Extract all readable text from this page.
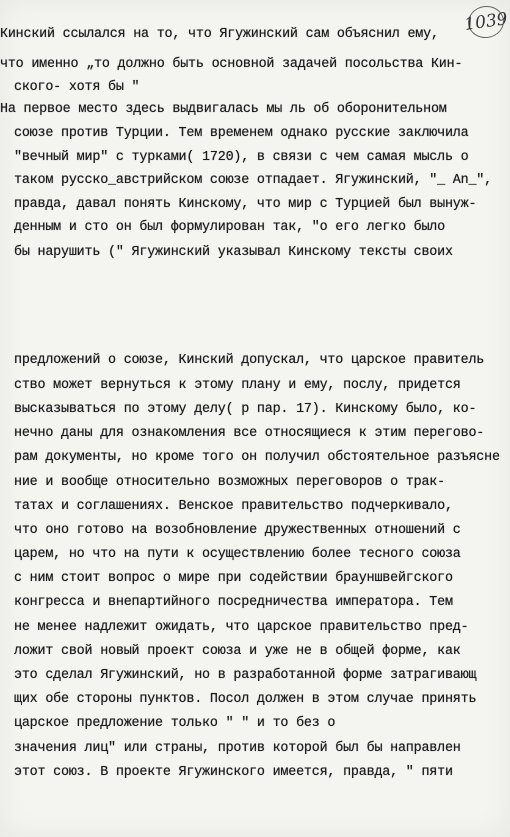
1039
Кинский ссылался на то, что Ягужинский сам объяснил ему,
что именно „то должно быть основной задачей посольства Кин-
ского- хотя бы "
На первое место здесь выдвигалась мы ль об оборонительном
союзе против Турции. Тем временем однако русские заключила
"вечный мир" с турками( 1720), в связи с чем самая мысль о
таком русско_австрийском союзе отпадает. Ягужинский, "_ Аn_",
правда, давал понять Кинскому, что мир с Турцией был вынуж-
денным и сто он был формулирован так, "о его легко было
бы нарушить (" Ягужинский указывал Кинскому тексты своих
предложений о союзе, Кинский допускал, что царское правитель
ство может вернуться к этому плану и ему, послу, придется
высказываться по этому делу( р пар. 17). Кинскому было, ко-
нечно даны для ознакомления все относящиеся к этим перегово-
рам документы, но кроме того он получил обстоятельное разъясне
ние и вообще относительно возможных переговоров о трак-
татах и соглашениях. Венское правительство подчеркивало,
что оно готово на возобновление дружественных отношений с
царем, но что на пути к осуществлению более тесного союза
с ним стоит вопрос о мире при содействии брауншвейгского
конгресса и внепартийного посредничества императора. Тем
не менее надлежит ожидать, что царское правительство пред-
ложит свой новый проект союза и уже не в общей форме, как
это сделал Ягужинский, но в разработанной форме затрагивающ
щих обе стороны пунктов. Посол должен в этом случае принять
царское предложение только " " и то без о
значения лиц" или страны, против которой был бы направлен
этот союз. В проекте Ягужинского имеется, правда, " пяти
